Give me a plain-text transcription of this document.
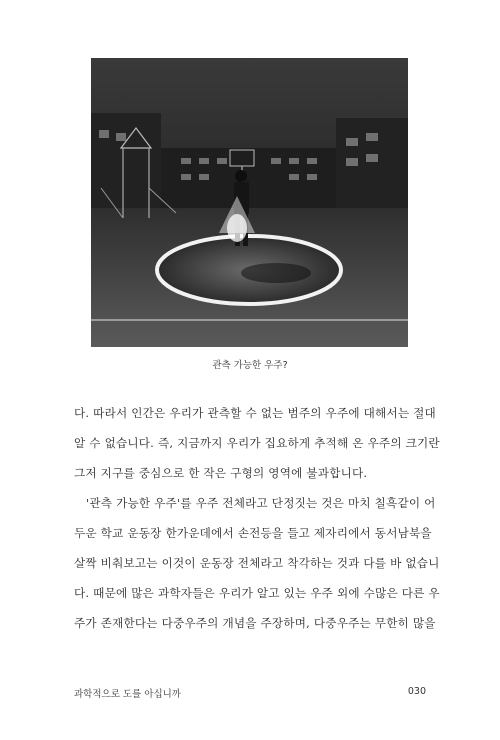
관측 가능한 우주?

다. 따라서 인간은 우리가 관측할 수 없는 범주의 우주에 대해서는 절대
알 수 없습니다. 즉, 지금까지 우리가 집요하게 추적해 온 우주의 크기란
그저 지구를 중심으로 한 작은 구형의 영역에 불과합니다.

'관측 가능한 우주'를 우주 전체라고 단정짓는 것은 마치 칠흑같이 어
두운 학교 운동장 한가운데에서 손전등을 들고 제자리에서 동서남북을
살짝 비춰보고는 이것이 운동장 전체라고 착각하는 것과 다를 바 없습니
다. 때문에 많은 과학자들은 우리가 알고 있는 우주 외에 수많은 다른 우
주가 존재한다는 다중우주의 개념을 주장하며, 다중우주는 무한히 많을

과학적으로 도를 아십니까	030
